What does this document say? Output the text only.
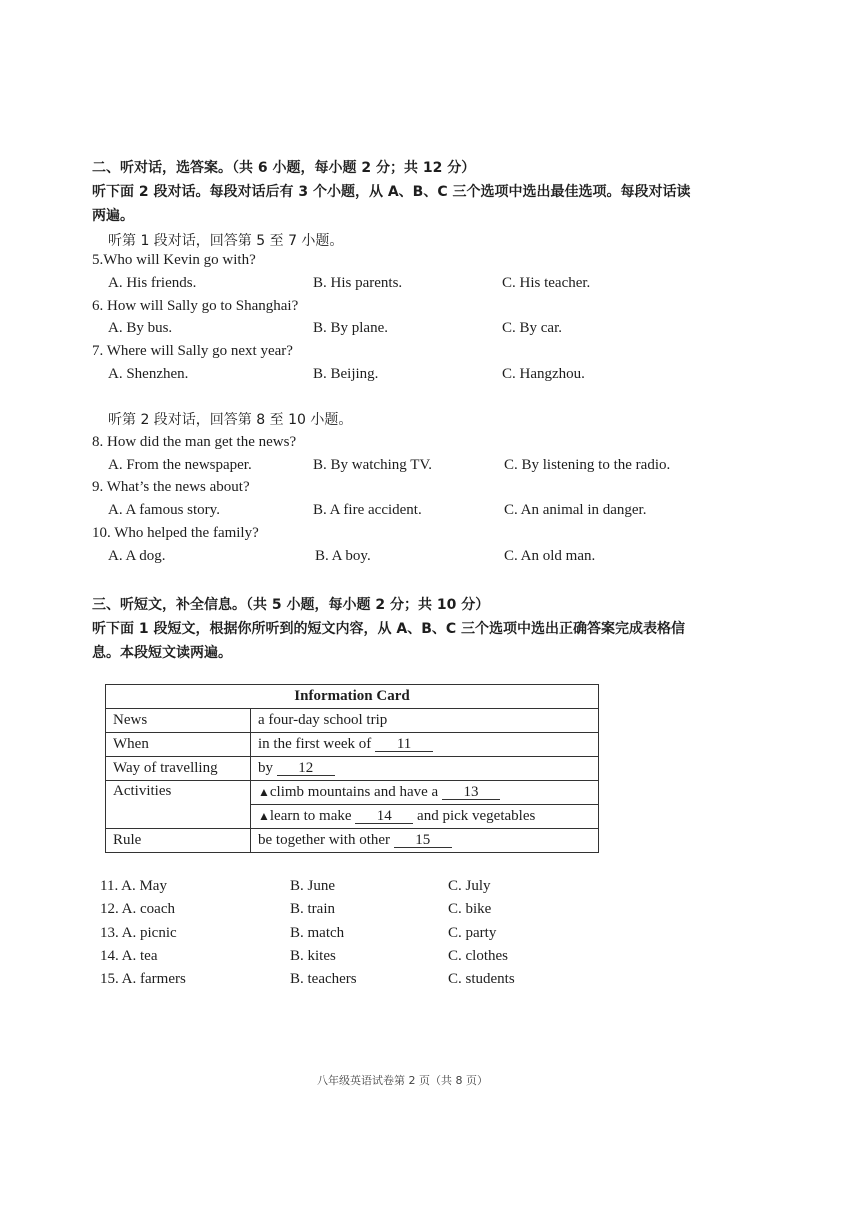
二、听对话，选答案。（共 6 小题，每小题 2 分；共 12 分）
听下面 2 段对话。每段对话后有 3 个小题，从 A、B、C 三个选项中选出最佳选项。每段对话读
两遍。
听第 1 段对话，回答第 5 至 7 小题。
5.Who will Kevin go with?
A. His friends.	B. His parents.	C. His teacher.
6. How will Sally go to Shanghai?
A. By bus.	B. By plane.	C. By car.
7. Where will Sally go next year?
A. Shenzhen.	B. Beijing.	C. Hangzhou.
听第 2 段对话，回答第 8 至 10 小题。
8. How did the man get the news?
A. From the newspaper.	B. By watching TV.	C. By listening to the radio.
9. What’s the news about?
A. A famous story.	B. A fire accident.	C. An animal in danger.
10. Who helped the family?
A. A dog.	B. A boy.	C. An old man.
三、听短文，补全信息。（共 5 小题，每小题 2 分；共 10 分）
听下面 1 段短文，根据你所听到的短文内容，从 A、B、C 三个选项中选出正确答案完成表格信
息。本段短文读两遍。
Information Card	
News	a four-day school trip
When	in the first week of 11
Way of travelling	by 12
Activities	▲climb mountains and have a 13
	▲learn to make 14 and pick vegetables
Rule	be together with other 15
11. A. May	B. June	C. July
12. A. coach	B. train	C. bike
13. A. picnic	B. match	C. party
14. A. tea	B. kites	C. clothes
15. A. farmers	B. teachers	C. students
八年级英语试卷第 2 页（共 8 页）
